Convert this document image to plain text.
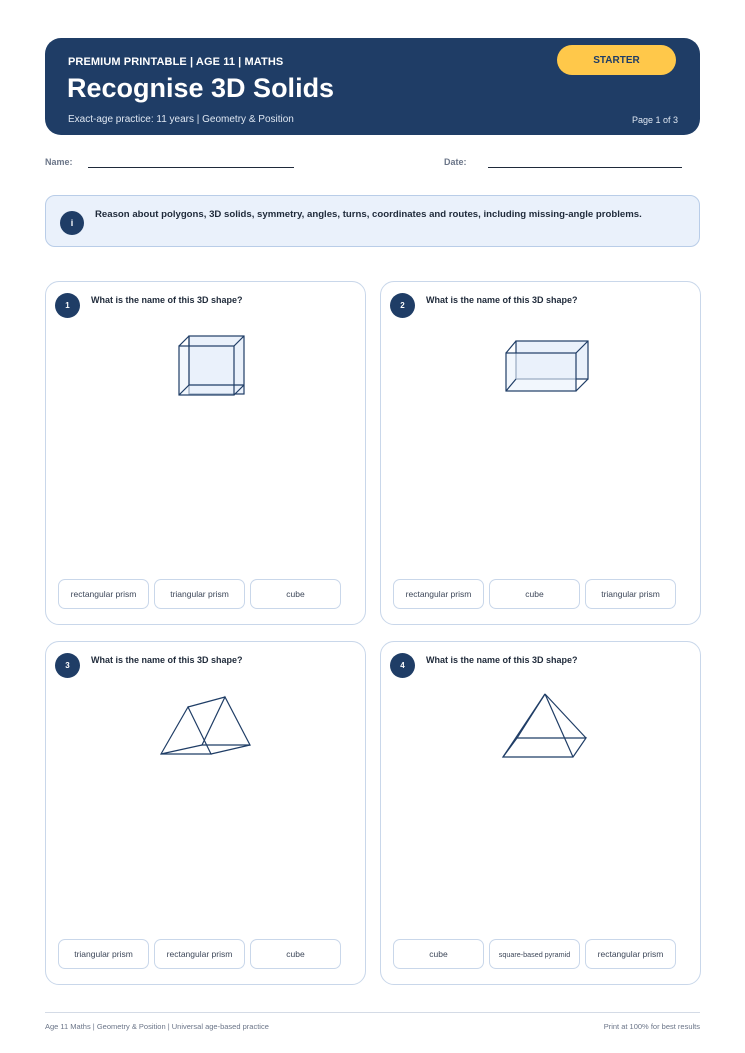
PREMIUM PRINTABLE | AGE 11 | MATHS
Recognise 3D Solids
Exact-age practice: 11 years | Geometry & Position	Page 1 of 3
STARTER
Name:	Date:
i
Reason about polygons, 3D solids, symmetry, angles, turns, coordinates and routes, including missing-angle problems.
1
What is the name of this 3D shape?
rectangular prism	triangular prism	cube
2
What is the name of this 3D shape?
rectangular prism	cube	triangular prism
3
What is the name of this 3D shape?
triangular prism	rectangular prism	cube
4
What is the name of this 3D shape?
cube	square-based pyramid	rectangular prism
Age 11 Maths | Geometry & Position | Universal age-based practice	Print at 100% for best results
